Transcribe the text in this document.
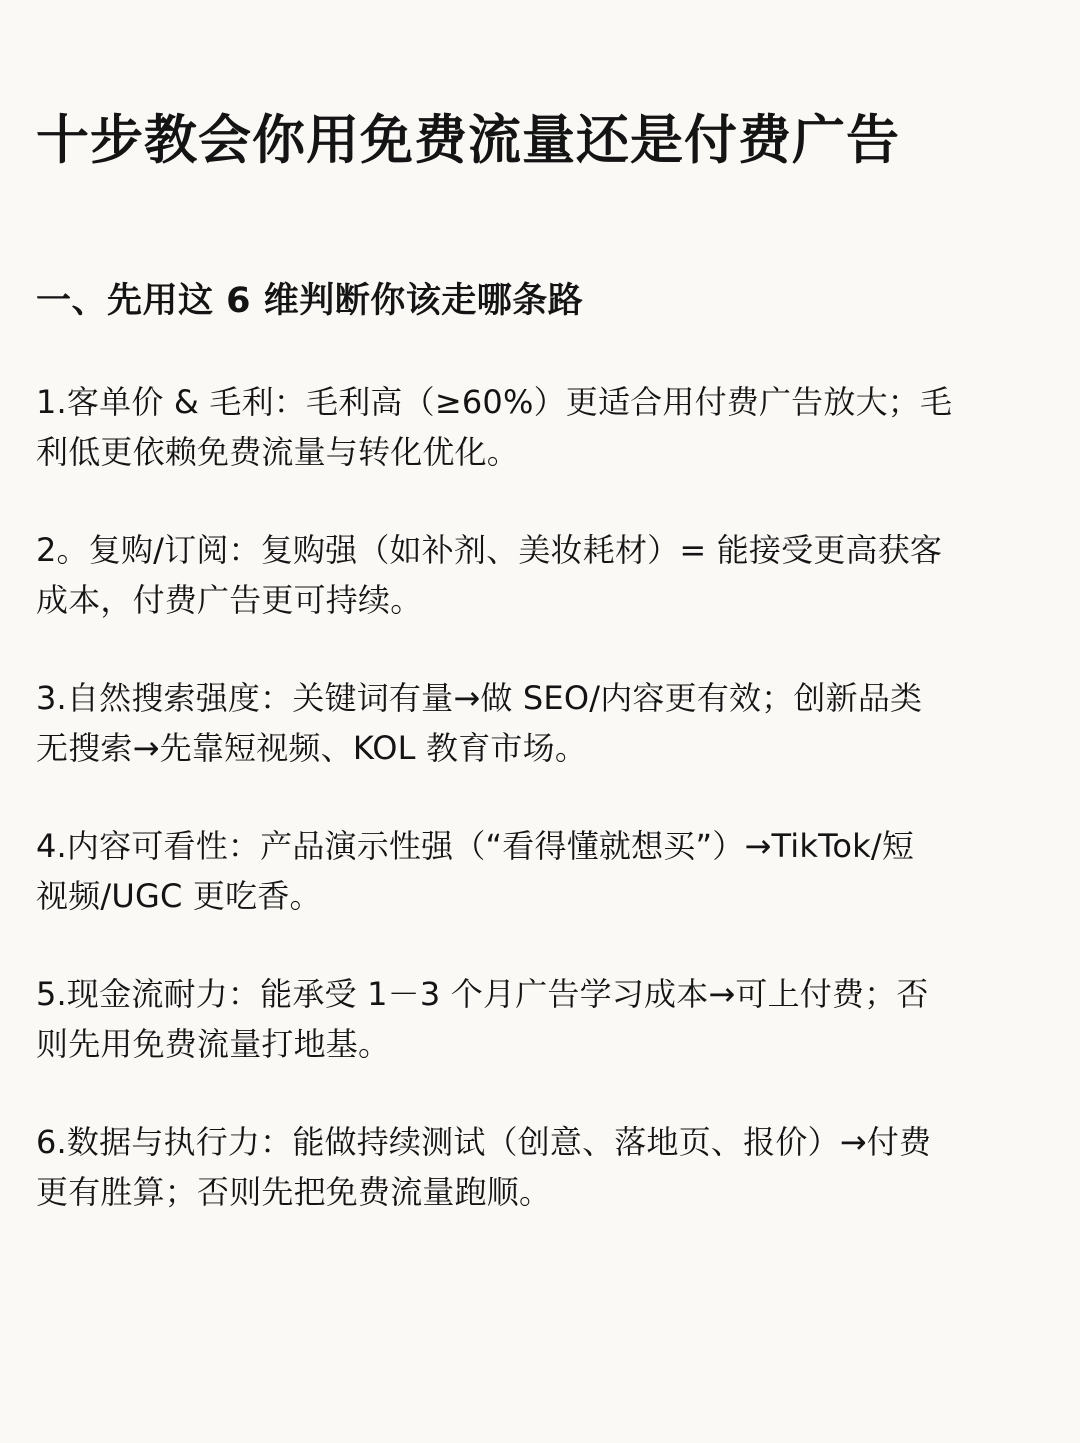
十步教会你用免费流量还是付费广告
一、先用这 6 维判断你该走哪条路
1.客单价 & 毛利：毛利高（≥60%）更适合用付费广告放大；毛
利低更依赖免费流量与转化优化。
2。复购/订阅：复购强（如补剂、美妆耗材）= 能接受更高获客
成本，付费广告更可持续。
3.自然搜索强度：关键词有量→做 SEO/内容更有效；创新品类
无搜索→先靠短视频、KOL 教育市场。
4.内容可看性：产品演示性强（“看得懂就想买”）→TikTok/短
视频/UGC 更吃香。
5.现金流耐力：能承受 1－3 个月广告学习成本→可上付费；否
则先用免费流量打地基。
6.数据与执行力：能做持续测试（创意、落地页、报价）→付费
更有胜算；否则先把免费流量跑顺。
